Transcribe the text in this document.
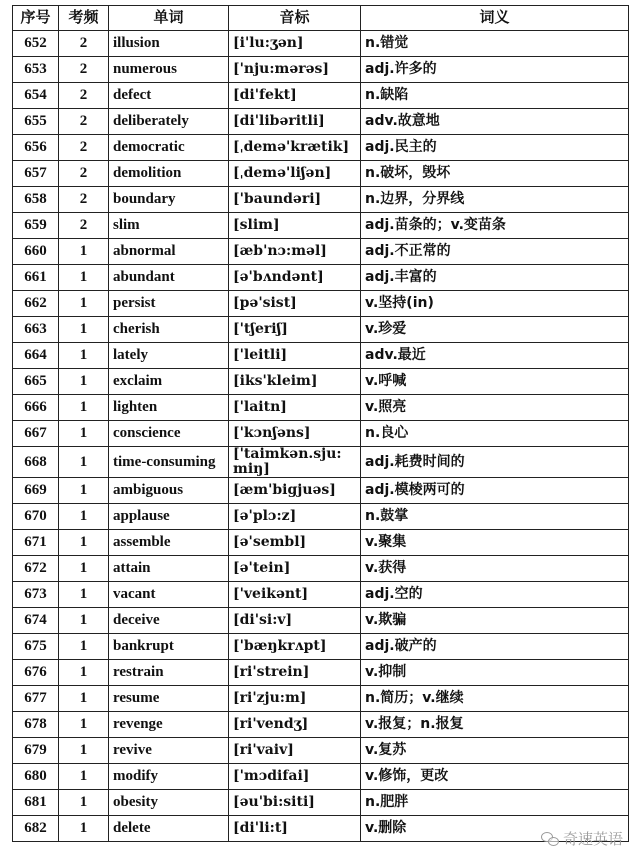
序号	考频	单词	音标	词义
652	2	illusion	[i'lu:ʒən]	n.错觉
653	2	numerous	['nju:mərəs]	adj.许多的
654	2	defect	[di'fekt]	n.缺陷
655	2	deliberately	[di'libəritli]	adv.故意地
656	2	democratic	[ˌdemə'krætik]	adj.民主的
657	2	demolition	[ˌdemə'liʃən]	n.破坏，毁坏
658	2	boundary	['baundəri]	n.边界，分界线
659	2	slim	[slim]	adj.苗条的；v.变苗条
660	1	abnormal	[æb'nɔ:məl]	adj.不正常的
661	1	abundant	[ə'bʌndənt]	adj.丰富的
662	1	persist	[pə'sist]	v.坚持(in)
663	1	cherish	['tʃeriʃ]	v.珍爱
664	1	lately	['leitli]	adv.最近
665	1	exclaim	[iks'kleim]	v.呼喊
666	1	lighten	['laitn]	v.照亮
667	1	conscience	['kɔnʃəns]	n.良心
668	1	time-consuming	['taimkən.sju:miŋ]	adj.耗费时间的
669	1	ambiguous	[æm'bigjuəs]	adj.模棱两可的
670	1	applause	[ə'plɔ:z]	n.鼓掌
671	1	assemble	[ə'sembl]	v.聚集
672	1	attain	[ə'tein]	v.获得
673	1	vacant	['veikənt]	adj.空的
674	1	deceive	[di'si:v]	v.欺骗
675	1	bankrupt	['bæŋkrʌpt]	adj.破产的
676	1	restrain	[ri'strein]	v.抑制
677	1	resume	[ri'zju:m]	n.简历；v.继续
678	1	revenge	[ri'vendʒ]	v.报复；n.报复
679	1	revive	[ri'vaiv]	v.复苏
680	1	modify	['mɔdifai]	v.修饰，更改
681	1	obesity	[əu'bi:siti]	n.肥胖
682	1	delete	[di'li:t]	v.删除
奇速英语
